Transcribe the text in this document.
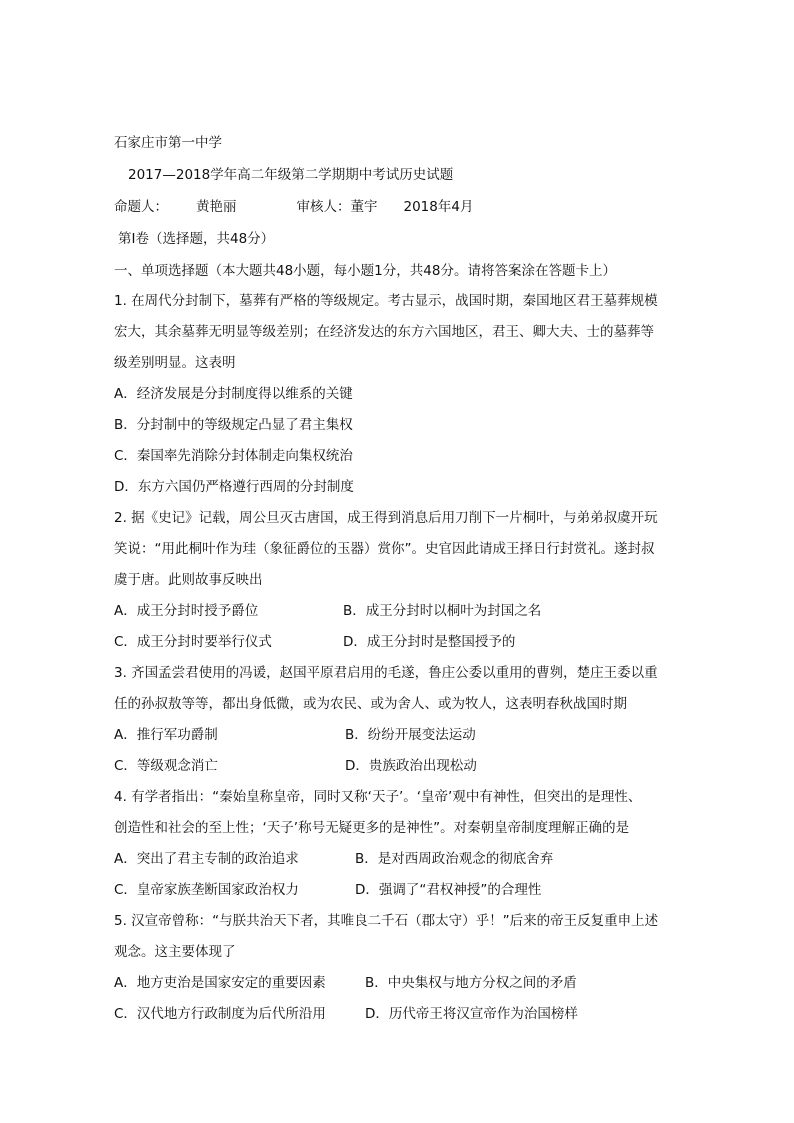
石家庄市第一中学
2017—2018学年高二年级第二学期期中考试历史试题
命题人： 黄艳丽	审核人：董宇 2018年4月
第Ⅰ卷（选择题，共48分）
一、单项选择题（本大题共48小题，每小题1分，共48分。请将答案涂在答题卡上）
1. 在周代分封制下，墓葬有严格的等级规定。考古显示，战国时期，秦国地区君王墓葬规模
宏大，其余墓葬无明显等级差别；在经济发达的东方六国地区，君王、卿大夫、士的墓葬等
级差别明显。这表明
A．经济发展是分封制度得以维系的关键
B．分封制中的等级规定凸显了君主集权
C．秦国率先消除分封体制走向集权统治
D．东方六国仍严格遵行西周的分封制度
2. 据《史记》记载，周公旦灭古唐国，成王得到消息后用刀削下一片桐叶，与弟弟叔虞开玩
笑说：“用此桐叶作为珪（象征爵位的玉器）赏你”。史官因此请成王择日行封赏礼。遂封叔
虞于唐。此则故事反映出
A．成王分封时授予爵位	B．成王分封时以桐叶为封国之名
C．成王分封时要举行仪式	D．成王分封时是整国授予的
3. 齐国孟尝君使用的冯谖，赵国平原君启用的毛遂，鲁庄公委以重用的曹刿，楚庄王委以重
任的孙叔敖等等，都出身低微，或为农民、或为舍人、或为牧人，这表明春秋战国时期
A．推行军功爵制	B．纷纷开展变法运动
C．等级观念消亡	D．贵族政治出现松动
4. 有学者指出：“秦始皇称皇帝，同时又称‘天子’。‘皇帝’观中有神性，但突出的是理性、
创造性和社会的至上性；‘天子’称号无疑更多的是神性”。对秦朝皇帝制度理解正确的是
A．突出了君主专制的政治追求	B．是对西周政治观念的彻底舍弃
C．皇帝家族垄断国家政治权力	D．强调了“君权神授”的合理性
5. 汉宣帝曾称：“与朕共治天下者，其唯良二千石（郡太守）乎！”后来的帝王反复重申上述
观念。这主要体现了
A．地方吏治是国家安定的重要因素	B．中央集权与地方分权之间的矛盾
C．汉代地方行政制度为后代所沿用	D．历代帝王将汉宣帝作为治国榜样
